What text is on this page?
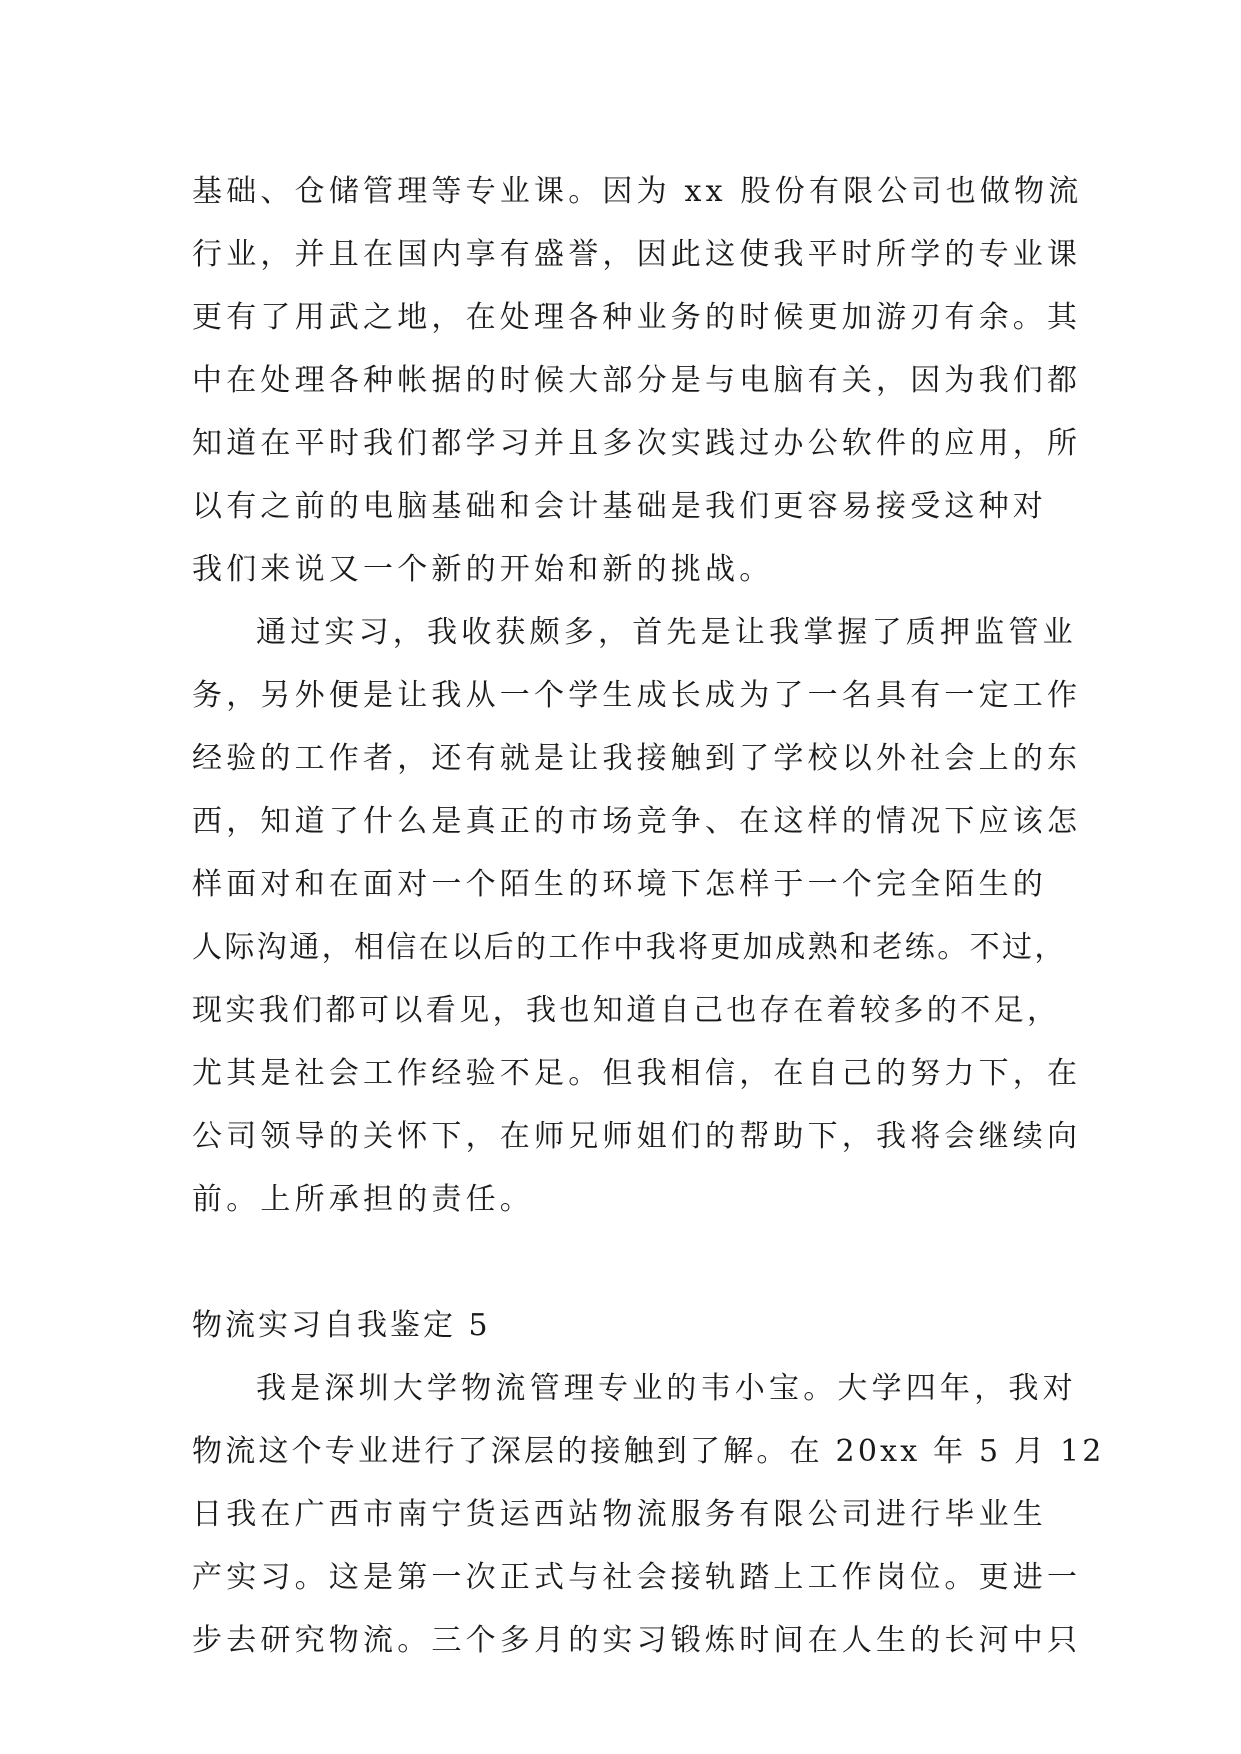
基础、仓储管理等专业课。因为 xx 股份有限公司也做物流
行业，并且在国内享有盛誉，因此这使我平时所学的专业课
更有了用武之地，在处理各种业务的时候更加游刃有余。其
中在处理各种帐据的时候大部分是与电脑有关，因为我们都
知道在平时我们都学习并且多次实践过办公软件的应用，所
以有之前的电脑基础和会计基础是我们更容易接受这种对
我们来说又一个新的开始和新的挑战。
通过实习，我收获颇多，首先是让我掌握了质押监管业
务，另外便是让我从一个学生成长成为了一名具有一定工作
经验的工作者，还有就是让我接触到了学校以外社会上的东
西，知道了什么是真正的市场竞争、在这样的情况下应该怎
样面对和在面对一个陌生的环境下怎样于一个完全陌生的
人际沟通，相信在以后的工作中我将更加成熟和老练。不过，
现实我们都可以看见，我也知道自己也存在着较多的不足，
尤其是社会工作经验不足。但我相信，在自己的努力下，在
公司领导的关怀下，在师兄师姐们的帮助下，我将会继续向
前。上所承担的责任。
物流实习自我鉴定 5
我是深圳大学物流管理专业的韦小宝。大学四年，我对
物流这个专业进行了深层的接触到了解。在 20xx 年 5 月 12
日我在广西市南宁货运西站物流服务有限公司进行毕业生
产实习。这是第一次正式与社会接轨踏上工作岗位。更进一
步去研究物流。三个多月的实习锻炼时间在人生的长河中只
